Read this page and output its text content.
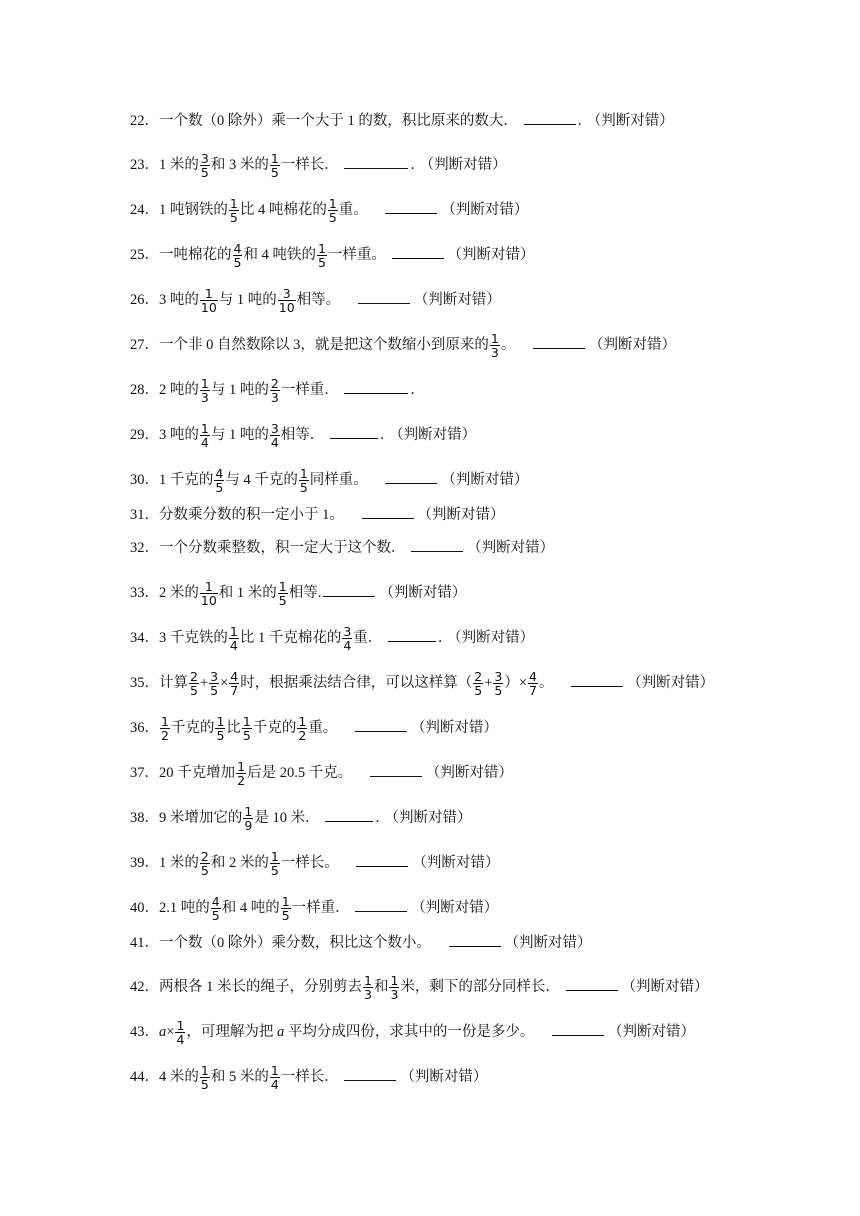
22．一个数（0 除外）乘一个大于 1 的数，积比原来的数大．	． （判断对错）
23．1 米的 $\frac{3}{5}$ 和 3 米的 $\frac{1}{5}$ 一样长．	． （判断对错）
24．1 吨钢铁的 $\frac{1}{5}$ 比 4 吨棉花的 $\frac{1}{5}$ 重。	（判断对错）
25．一吨棉花的 $\frac{4}{5}$ 和 4 吨铁的 $\frac{1}{5}$ 一样重。	（判断对错）
26．3 吨的 $\frac{1}{10}$ 与 1 吨的 $\frac{3}{10}$ 相等。	（判断对错）
27．一个非 0 自然数除以 3，就是把这个数缩小到原来的 $\frac{1}{3}$ 。	（判断对错）
28．2 吨的 $\frac{1}{3}$ 与 1 吨的 $\frac{2}{3}$ 一样重．	．
29．3 吨的 $\frac{1}{4}$ 与 1 吨的 $\frac{3}{4}$ 相等．	． （判断对错）
30．1 千克的 $\frac{4}{5}$ 与 4 千克的 $\frac{1}{5}$ 同样重。	（判断对错）
31．分数乘分数的积一定小于 1。	（判断对错）
32．一个分数乘整数，积一定大于这个数．	（判断对错）
33．2 米的 $\frac{1}{10}$ 和 1 米的 $\frac{1}{5}$ 相等.	（判断对错）
34．3 千克铁的 $\frac{1}{4}$ 比 1 千克棉花的 $\frac{3}{4}$ 重．	． （判断对错）
35．计算 $\frac{2}{5} + \frac{3}{5} \times \frac{4}{7}$ 时，根据乘法结合律，可以这样算（ $\frac{2}{5} + \frac{3}{5}$ ）× $\frac{4}{7}$ 。	（判断对错）
36． $\frac{1}{2}$ 千克的 $\frac{1}{5}$ 比 $\frac{1}{5}$ 千克的 $\frac{1}{2}$ 重。	（判断对错）
37．20 千克增加 $\frac{1}{2}$ 后是 20.5 千克。	（判断对错）
38．9 米增加它的 $\frac{1}{9}$ 是 10 米．	． （判断对错）
39．1 米的 $\frac{2}{5}$ 和 2 米的 $\frac{1}{5}$ 一样长。	（判断对错）
40．2.1 吨的 $\frac{4}{5}$ 和 4 吨的 $\frac{1}{5}$ 一样重．	（判断对错）
41．一个数（0 除外）乘分数，积比这个数小。	（判断对错）
42．两根各 1 米长的绳子，分别剪去 $\frac{1}{3}$ 和 $\frac{1}{3}$ 米，剩下的部分同样长．	（判断对错）
43．$a\times \frac{1}{4}$ ，可理解为把 a 平均分成四份，求其中的一份是多少。	（判断对错）
44．4 米的 $\frac{1}{5}$ 和 5 米的 $\frac{1}{4}$ 一样长．	（判断对错）
